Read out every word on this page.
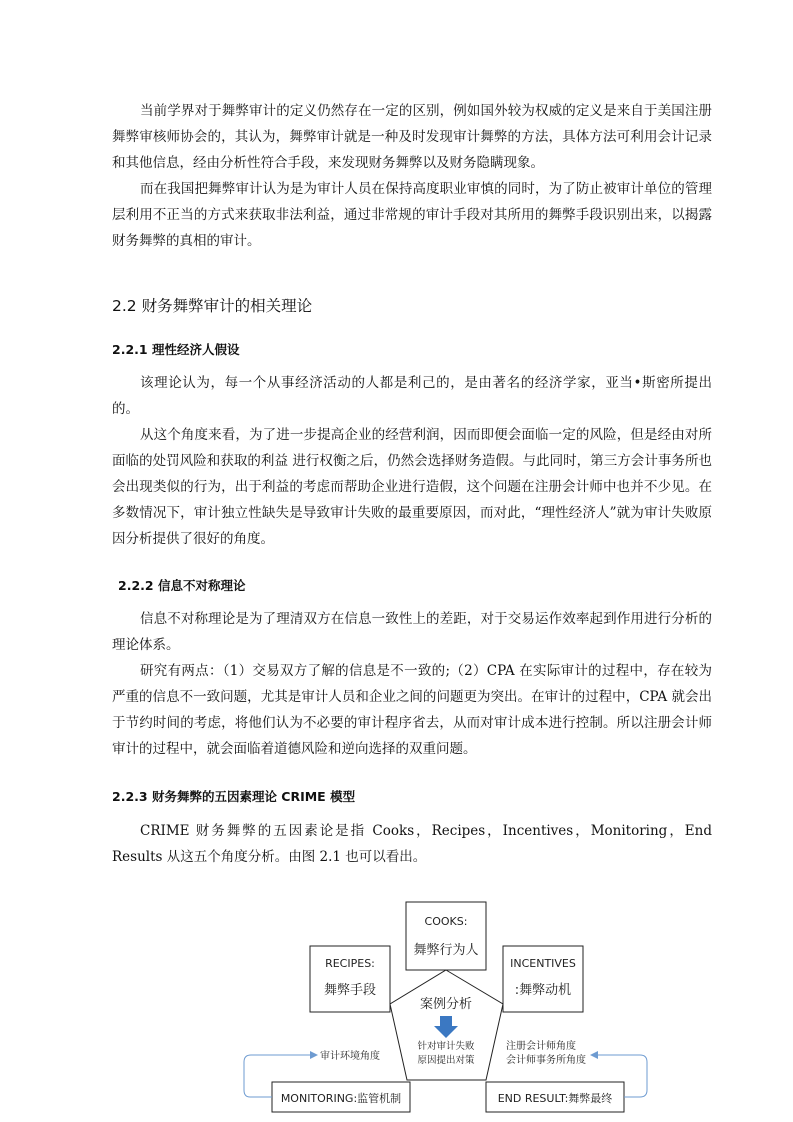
当前学界对于舞弊审计的定义仍然存在一定的区别，例如国外较为权威的定义是来自于美国注册舞弊审核师协会的，其认为，舞弊审计就是一种及时发现审计舞弊的方法，具体方法可利用会计记录和其他信息，经由分析性符合手段，来发现财务舞弊以及财务隐瞒现象。

而在我国把舞弊审计认为是为审计人员在保持高度职业审慎的同时，为了防止被审计单位的管理层利用不正当的方式来获取非法利益，通过非常规的审计手段对其所用的舞弊手段识别出来，以揭露财务舞弊的真相的审计。

2.2 财务舞弊审计的相关理论
2.2.1 理性经济人假设

该理论认为，每一个从事经济活动的人都是利己的，是由著名的经济学家，亚当•斯密所提出的。

从这个角度来看，为了进一步提高企业的经营利润，因而即便会面临一定的风险，但是经由对所面临的处罚风险和获取的利益 进行权衡之后，仍然会选择财务造假。与此同时，第三方会计事务所也会出现类似的行为，出于利益的考虑而帮助企业进行造假，这个问题在注册会计师中也并不少见。在多数情况下，审计独立性缺失是导致审计失败的最重要原因，而对此，“理性经济人”就为审计失败原因分析提供了很好的角度。

2.2.2 信息不对称理论

信息不对称理论是为了理清双方在信息一致性上的差距，对于交易运作效率起到作用进行分析的理论体系。

研究有两点：（1）交易双方了解的信息是不一致的;（2）CPA 在实际审计的过程中，存在较为严重的信息不一致问题，尤其是审计人员和企业之间的问题更为突出。在审计的过程中，CPA 就会出于节约时间的考虑，将他们认为不必要的审计程序省去，从而对审计成本进行控制。所以注册会计师审计的过程中，就会面临着道德风险和逆向选择的双重问题。

2.2.3 财务舞弊的五因素理论 CRIME 模型

CRIME 财务舞弊的五因素论是指 Cooks，Recipes，Incentives，Monitoring，End Results 从这五个角度分析。由图 2.1 也可以看出。

COOKS:
舞弊行为人
RECIPES:
舞弊手段
INCENTIVES
:舞弊动机
案例分析
针对审计失败
原因提出对策
MONITORING:监管机制	END RESULT:舞弊最终
审计环境角度
注册会计师角度
会计师事务所角度
